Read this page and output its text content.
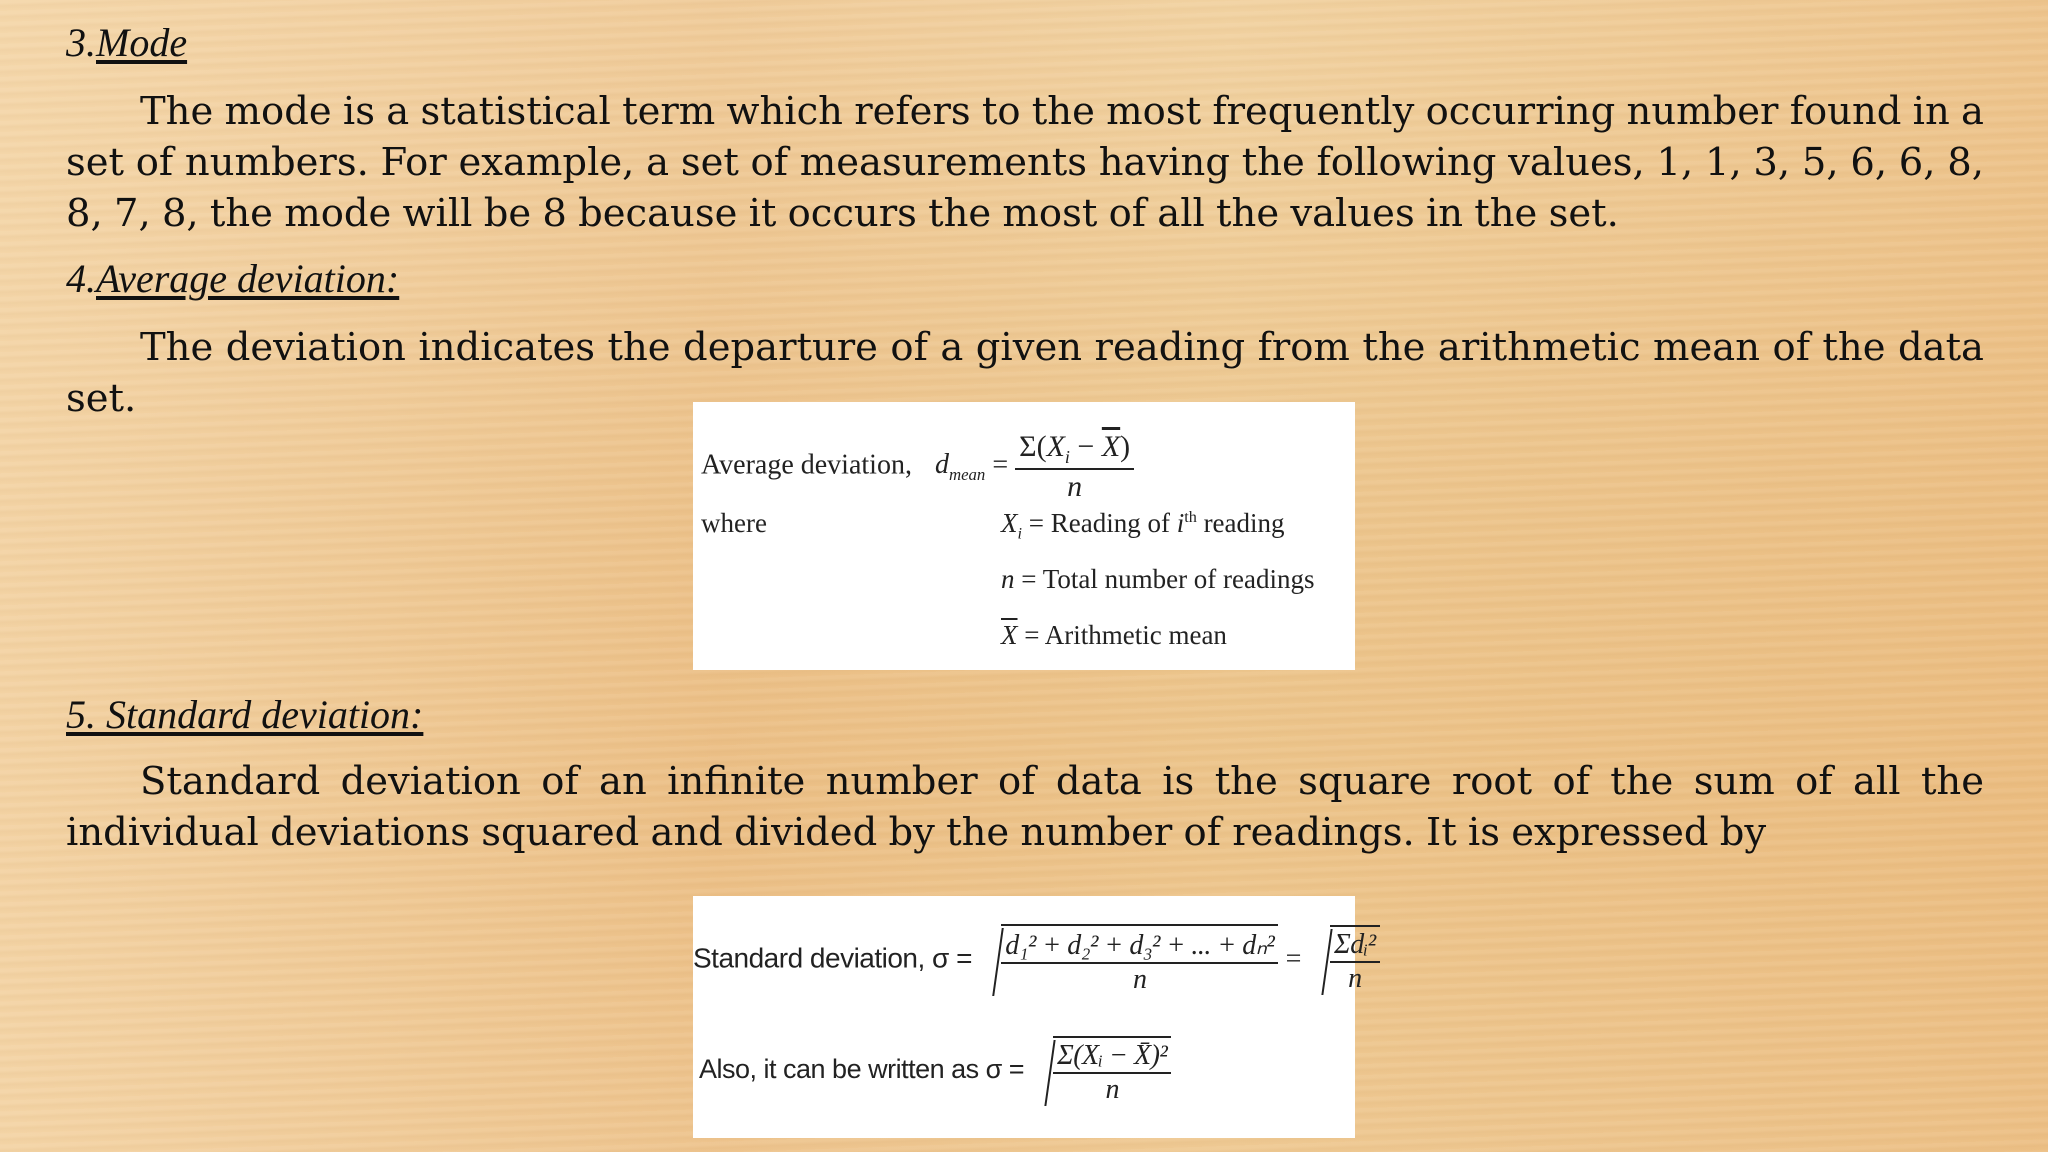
3.Mode

The mode is a statistical term which refers to the most frequently occurring number found in a set of numbers. For example, a set of measurements having the following values, 1, 1, 3, 5, 6, 6, 8, 8, 7, 8, the mode will be 8 because it occurs the most of all the values in the set.

4.Average deviation:

The deviation indicates the departure of a given reading from the arithmetic mean of the data set.

Average deviation, $d_{mean} = \frac{\Sigma(X_i - \overline{X})}{n}$
where	$X_i$ = Reading of $i^{th}$ reading
n = Total number of readings
$\overline{X}$ = Arithmetic mean
5. Standard deviation:

Standard deviation of an infinite number of data is the square root of the sum of all the individual deviations squared and divided by the number of readings. It is expressed by

Standard deviation, $\sigma = \frac{\text{d₁² + d₂² + d₃² + ... + dₙ²}}{n} = \frac{\text{Σdᵢ²}}{n}$
Also, it can be written as $\sigma = \frac{\text{Σ(Xᵢ − X̄)²}}{n}$
